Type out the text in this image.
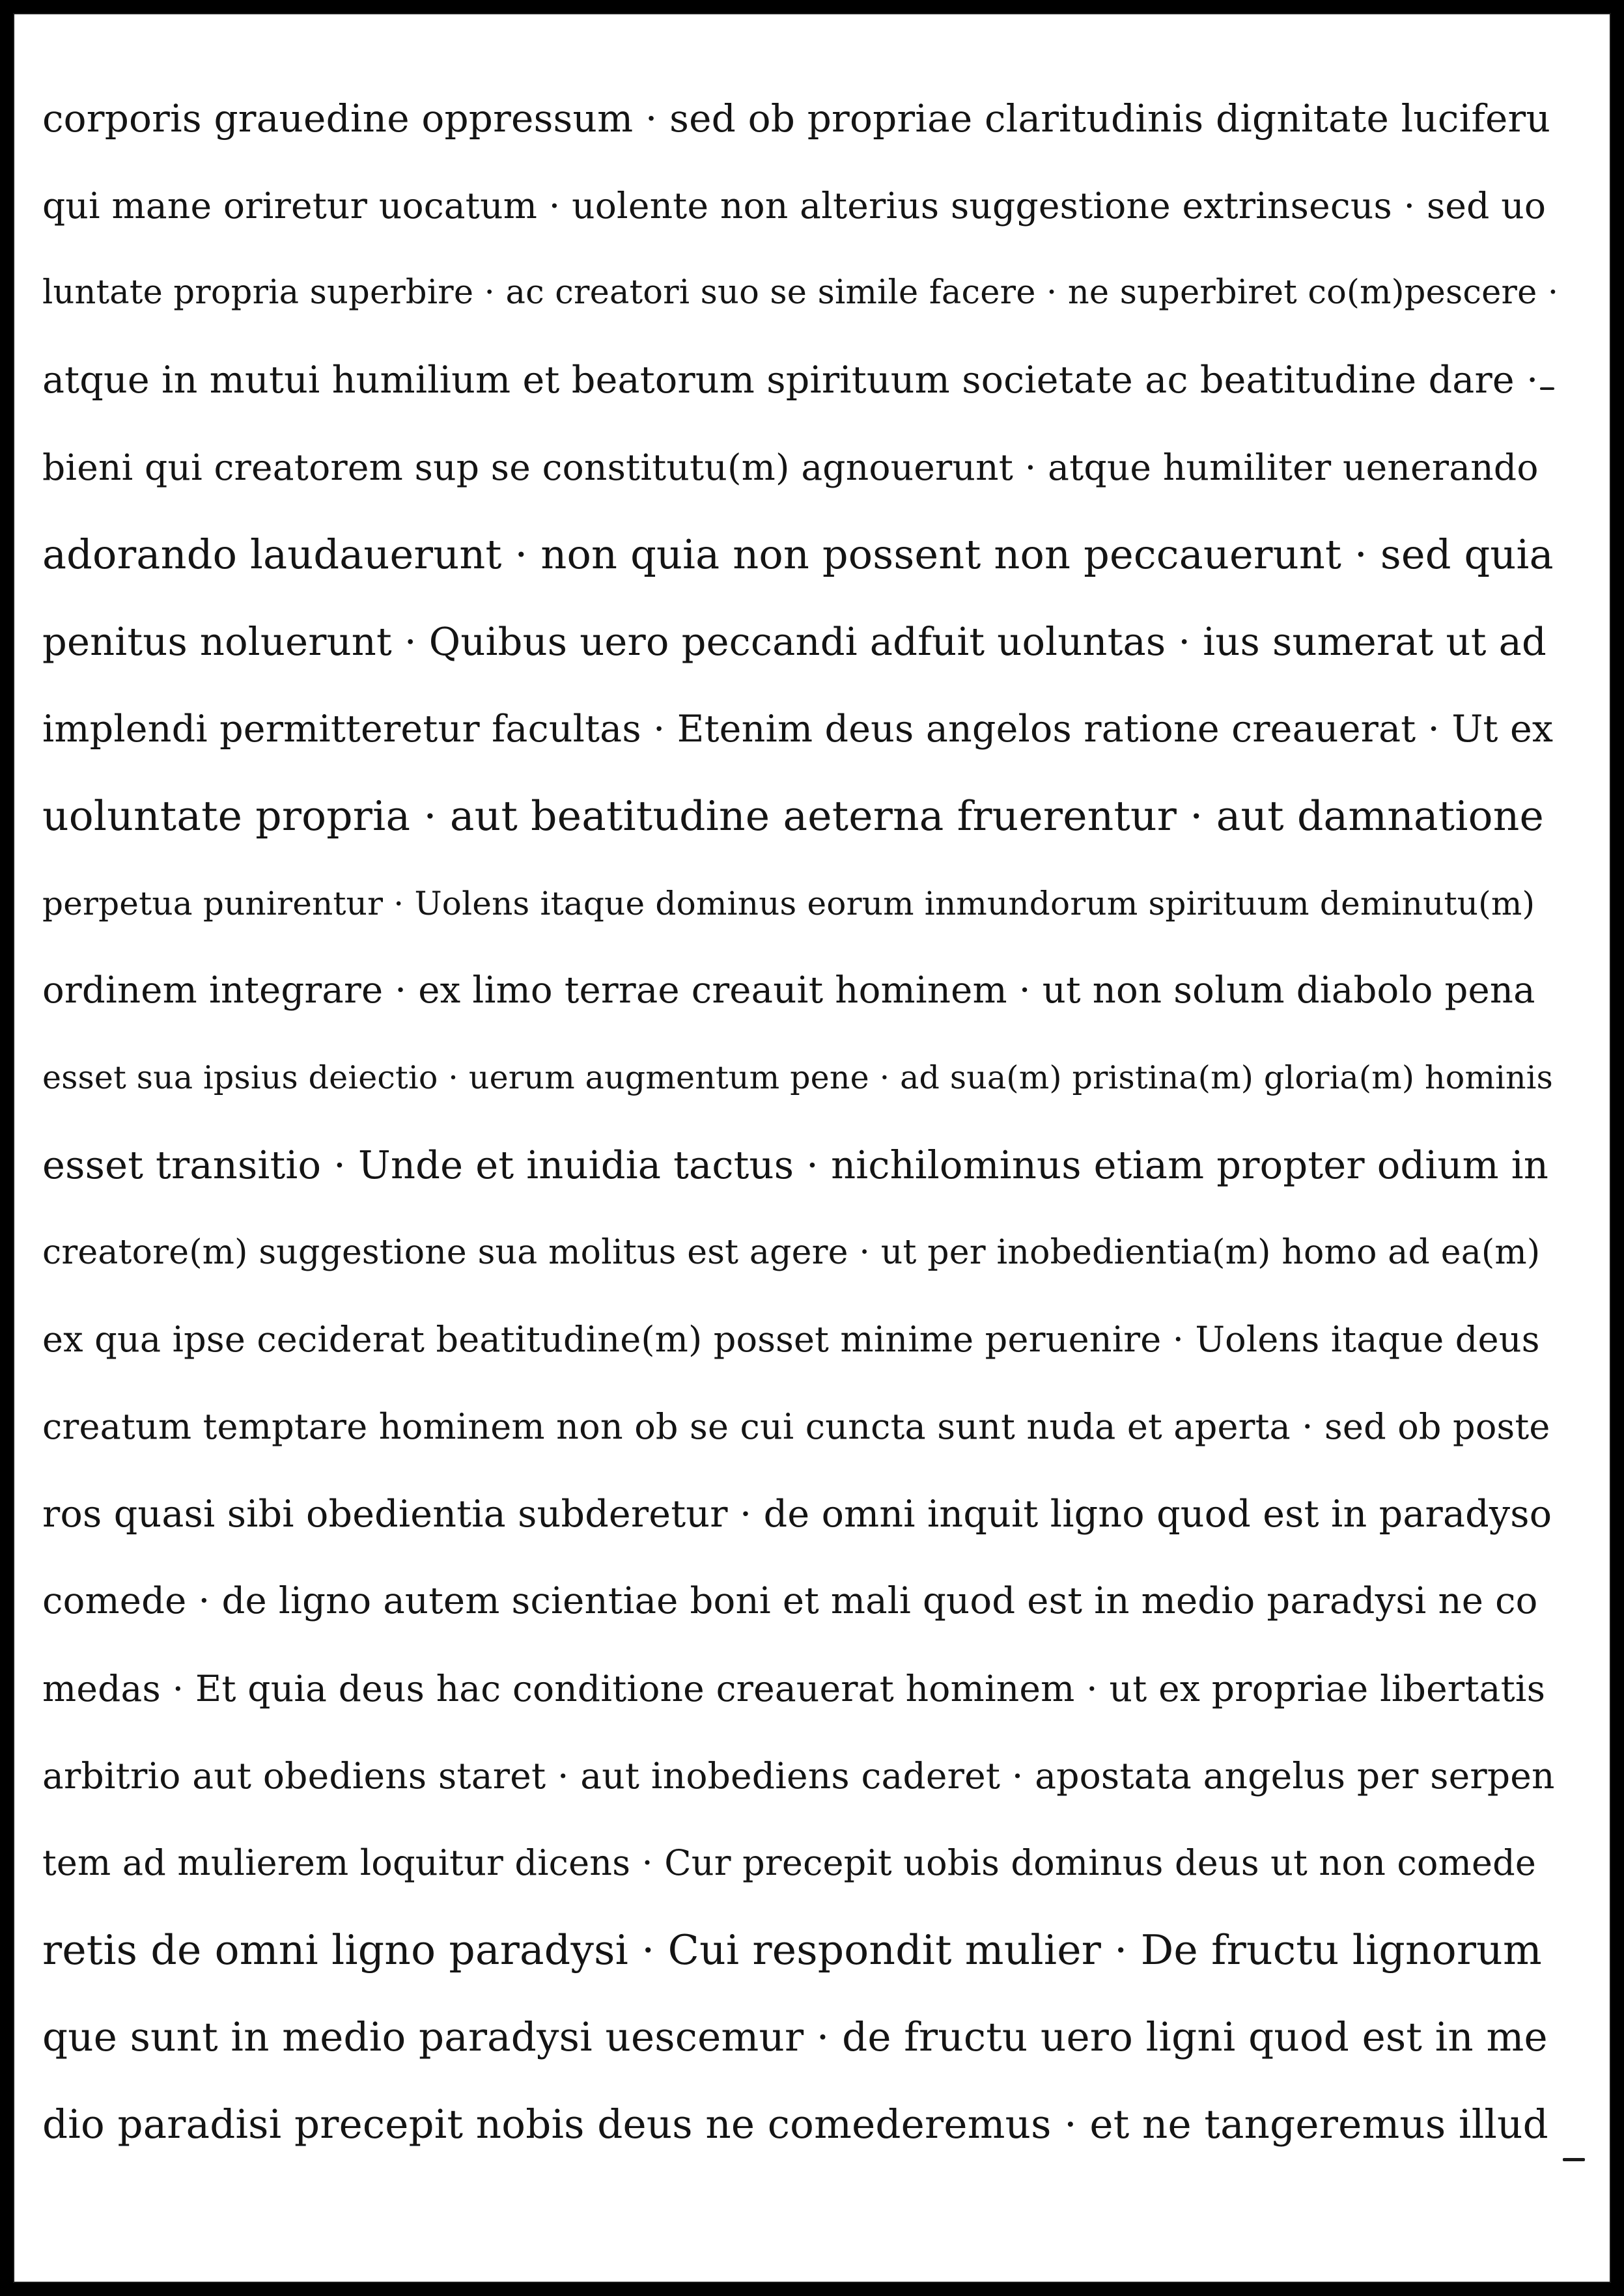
corporis grauedine oppressum · sed ob propriae claritudinis dignitate luciferu
qui mane oriretur uocatum · uolente non alterius suggestione extrinsecus · sed uo
luntate propria superbire · ac creatori suo se simile facere · ne superbiret co(m)pescere ·
atque in mutui humilium et beatorum spirituum societate ac beatitudine dare ·
bieni qui creatorem sup se constitutu(m) agnouerunt · atque humiliter uenerando
adorando laudauerunt · non quia non possent non peccauerunt · sed quia
penitus noluerunt · Quibus uero peccandi adfuit uoluntas · ius sumerat ut ad
implendi permitteretur facultas · Etenim deus angelos ratione creauerat · Ut ex
uoluntate propria · aut beatitudine aeterna fruerentur · aut damnatione
perpetua punirentur · Uolens itaque dominus eorum inmundorum spirituum deminutu(m)
ordinem integrare · ex limo terrae creauit hominem · ut non solum diabolo pena
esset sua ipsius deiectio · uerum augmentum pene · ad sua(m) pristina(m) gloria(m) hominis
esset transitio · Unde et inuidia tactus · nichilominus etiam propter odium in
creatore(m) suggestione sua molitus est agere · ut per inobedientia(m) homo ad ea(m)
ex qua ipse ceciderat beatitudine(m) posset minime peruenire · Uolens itaque deus
creatum temptare hominem non ob se cui cuncta sunt nuda et aperta · sed ob poste
ros quasi sibi obedientia subderetur · de omni inquit ligno quod est in paradyso
comede · de ligno autem scientiae boni et mali quod est in medio paradysi ne co
medas · Et quia deus hac conditione creauerat hominem · ut ex propriae libertatis
arbitrio aut obediens staret · aut inobediens caderet · apostata angelus per serpen
tem ad mulierem loquitur dicens · Cur precepit uobis dominus deus ut non comede
retis de omni ligno paradysi · Cui respondit mulier · De fructu lignorum
que sunt in medio paradysi uescemur · de fructu uero ligni quod est in me
dio paradisi precepit nobis deus ne comederemus · et ne tangeremus illud
